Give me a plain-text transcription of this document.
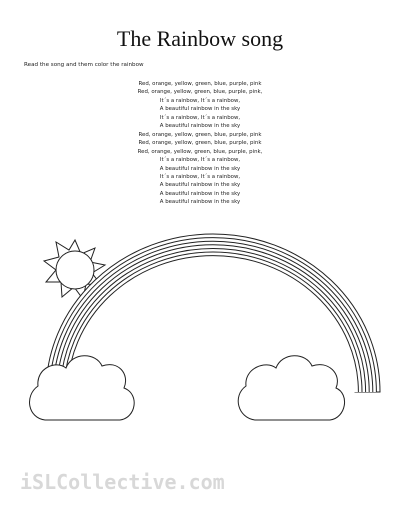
The Rainbow song
Read the song and them color the rainbow
Red, orange, yellow, green, blue, purple, pink
Red, orange, yellow, green, blue, purple, pink,
It´s a rainbow, It´s a rainbow,
A beautiful rainbow in the sky
It´s a rainbow, It´s a rainbow,
A beautiful rainbow in the sky
Red, orange, yellow, green, blue, purple, pink
Red, orange, yellow, green, blue, purple, pink
Red, orange, yellow, green, blue, purple, pink,
It´s a rainbow, It´s a rainbow,
A beautiful rainbow in the sky
It´s a rainbow, It´s a rainbow,
A beautiful rainbow in the sky
A beautiful rainbow in the sky
A beautiful rainbow in the sky
iSLCollective.com
